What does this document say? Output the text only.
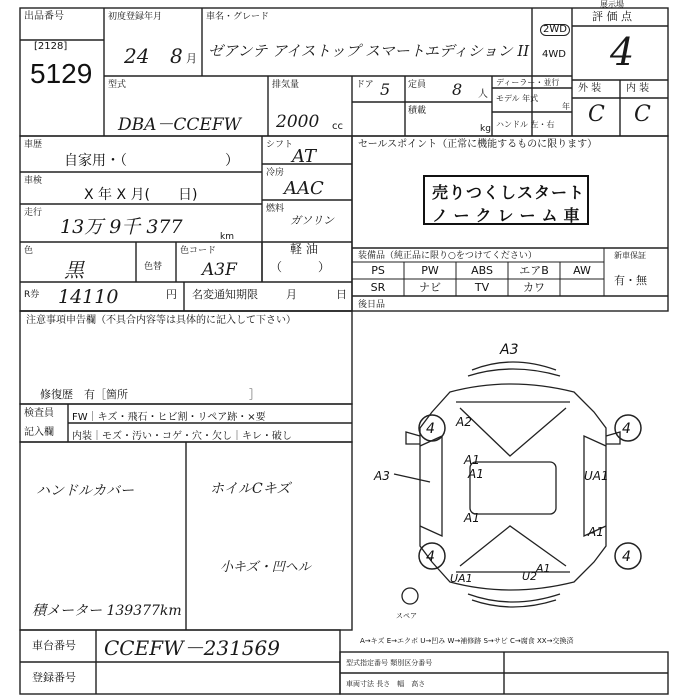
出品番号
[2128]
5129
初度登録年月
24 8 月
車名・グレード
ゼアンテ アイストップ スマートエディション II
2WD
4WD
評 価 点
4
展示場
型式
DBA－CCEFW
排気量
2000 cc
ドア 5 定員 8 人
積載
kg
ディーラー・並行
モデル 年式
年
ハンドル 左・右
外 装 内 装
C C
車歴
自家用・（　　　　　　　）
シフト
AT
車検
X 年 X 月(　　日)
冷房
AAC
走行
13万 9千 377	km
燃料
ガソリン
軽 油
（　　　）
色
黒	色替
色コード
A3F
R券 14110	円 名変通知期限	月	日
注意事項申告欄（不具合内容等は具体的に記入して下さい）
修復歴　有［箇所　　　　　　　　　　　］
セールスポイント（正常に機能するものに限ります）
売りつくしスタート
ノークレーム車
装備品（純正品に限り○をつけてください）	新車保証
有・無
PS	PW	ABS	エアB	AW
SR	ナビ	TV	カワ
後日品
検査員
記入欄
FW｜キズ・飛石・ヒビ割・リペア跡・×要
内装｜モズ・汚い・コゲ・穴・欠し｜キレ・破し
ハンドルカバー	ホイルCキズ
小キズ・凹ヘル
積メーター 139377km
A3
4	4
4	4
A2
A3
A1
A1	UA1
A1
UA1	U2
A1
A1
スペア
A→キズ E→エクボ U→凹み W→補修跡 S→サビ C→腐食 XX→交換済
車台番号 CCEFW－231569
登録番号
型式指定番号 類別区分番号
車両寸法 長さ　幅　高さ
